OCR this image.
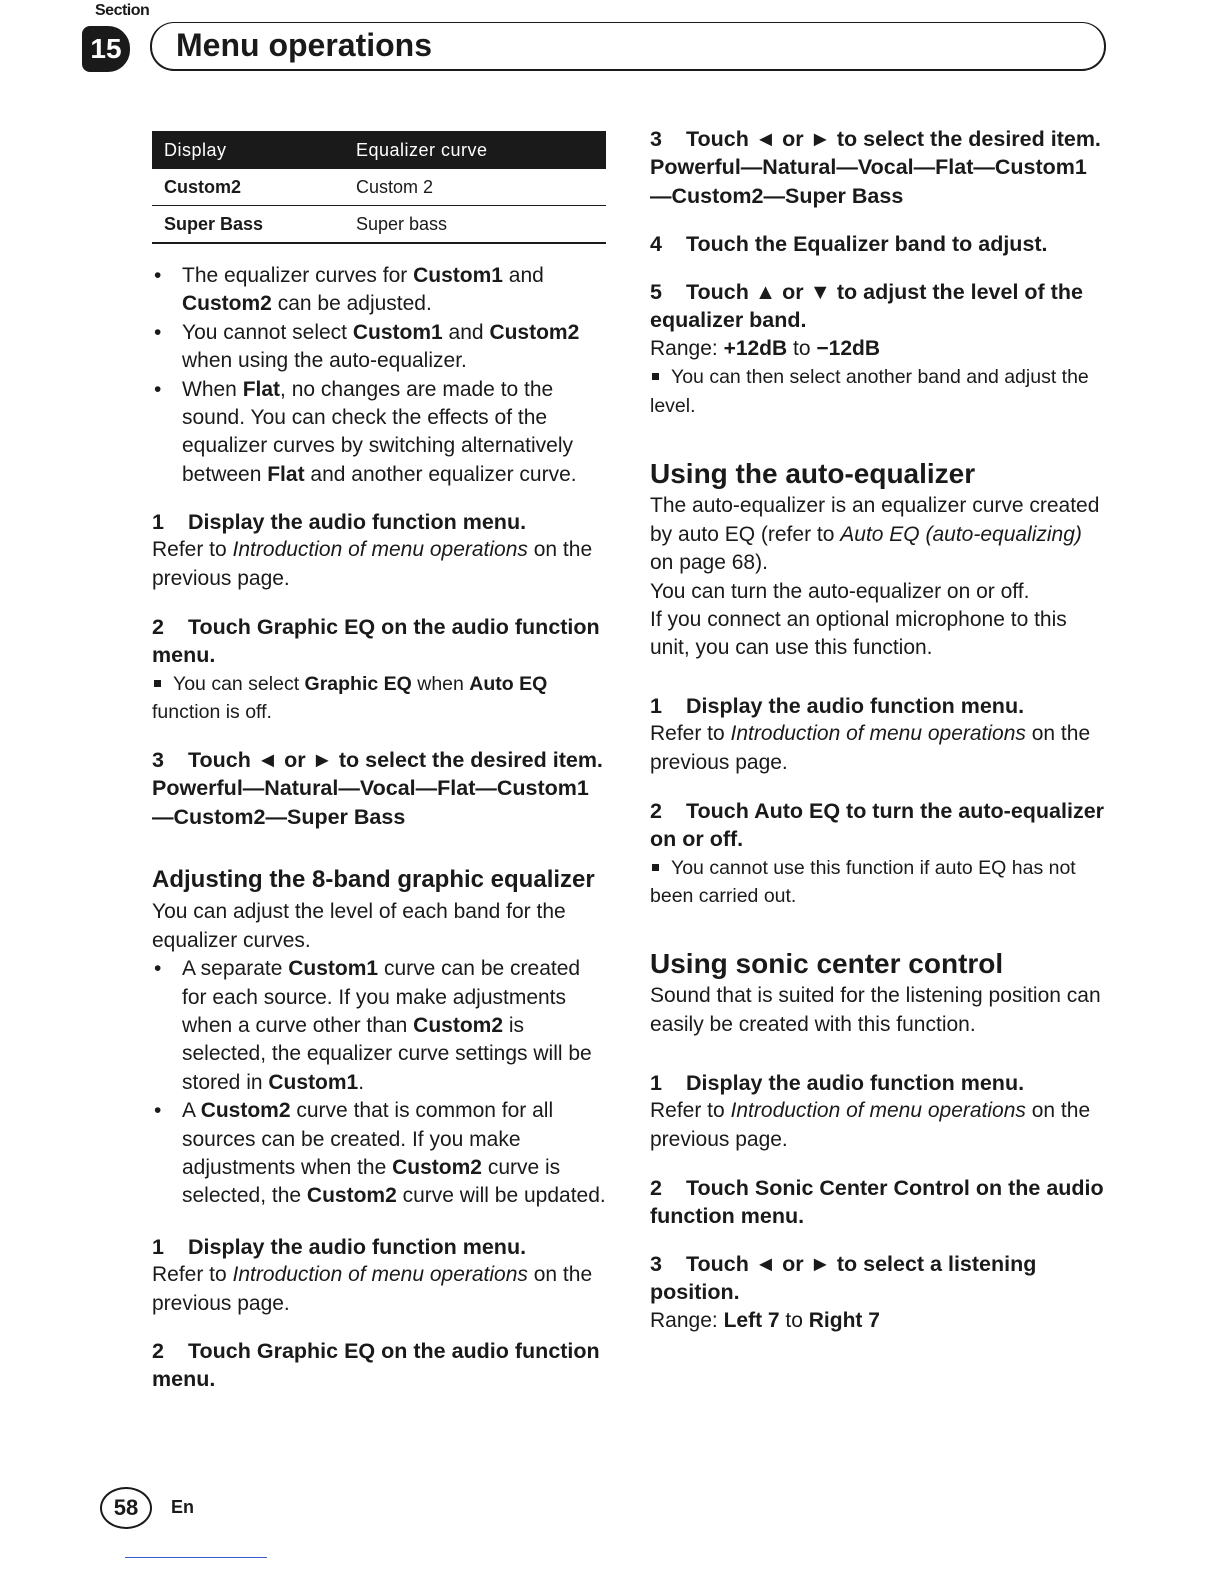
Section
15 Menu operations
Display	Equalizer curve
Custom2	Custom 2
Super Bass	Super bass
• The equalizer curves for Custom1 and Custom2 can be adjusted.
• You cannot select Custom1 and Custom2 when using the auto-equalizer.
• When Flat, no changes are made to the sound. You can check the effects of the equalizer curves by switching alternatively between Flat and another equalizer curve.
1 Display the audio function menu.
Refer to Introduction of menu operations on the previous page.
2 Touch Graphic EQ on the audio function menu.
You can select Graphic EQ when Auto EQ function is off.
3 Touch ◄ or ► to select the desired item.
Powerful—Natural—Vocal—Flat—Custom1 —Custom2—Super Bass
Adjusting the 8-band graphic equalizer
You can adjust the level of each band for the equalizer curves.
• A separate Custom1 curve can be created for each source. If you make adjustments when a curve other than Custom2 is selected, the equalizer curve settings will be stored in Custom1.
• A Custom2 curve that is common for all sources can be created. If you make adjustments when the Custom2 curve is selected, the Custom2 curve will be updated.
1 Display the audio function menu.
Refer to Introduction of menu operations on the previous page.
2 Touch Graphic EQ on the audio function menu.
3 Touch ◄ or ► to select the desired item.
Powerful—Natural—Vocal—Flat—Custom1 —Custom2—Super Bass
4 Touch the Equalizer band to adjust.
5 Touch ▲ or ▼ to adjust the level of the equalizer band.
Range: +12dB to −12dB
You can then select another band and adjust the level.
Using the auto-equalizer
The auto-equalizer is an equalizer curve created by auto EQ (refer to Auto EQ (auto-equalizing) on page 68).
You can turn the auto-equalizer on or off.
If you connect an optional microphone to this unit, you can use this function.
1 Display the audio function menu.
Refer to Introduction of menu operations on the previous page.
2 Touch Auto EQ to turn the auto-equalizer on or off.
You cannot use this function if auto EQ has not been carried out.
Using sonic center control
Sound that is suited for the listening position can easily be created with this function.
1 Display the audio function menu.
Refer to Introduction of menu operations on the previous page.
2 Touch Sonic Center Control on the audio function menu.
3 Touch ◄ or ► to select a listening position.
Range: Left 7 to Right 7
58	En
